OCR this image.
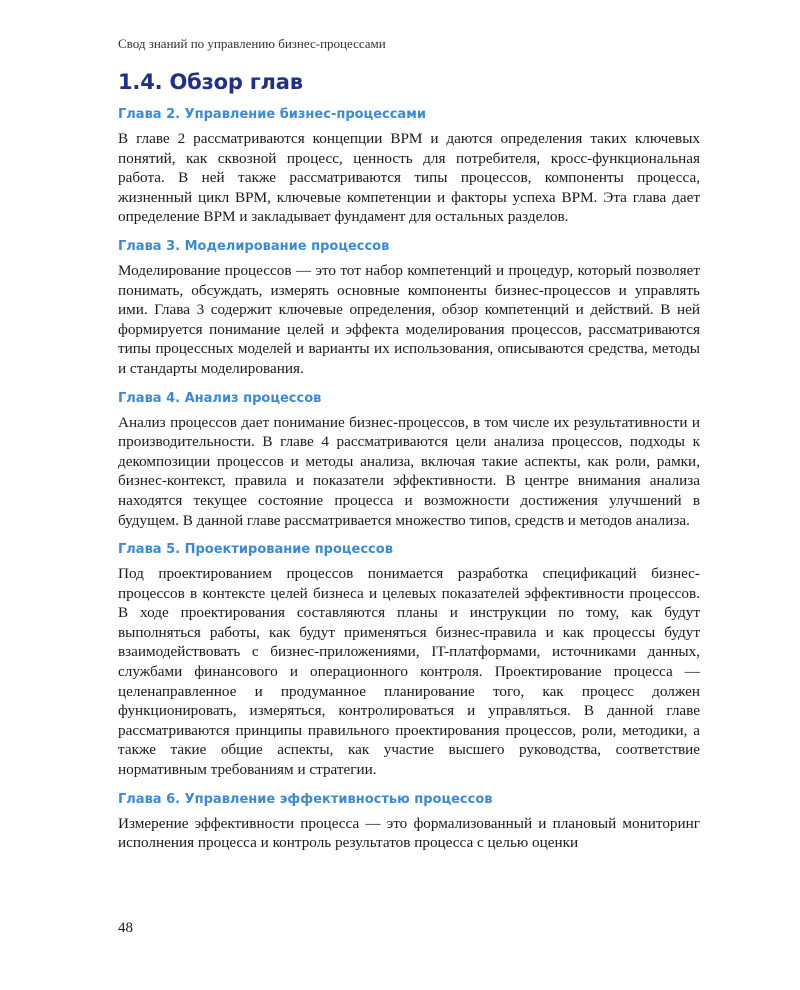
Свод знаний по управлению бизнес-процессами
1.4. Обзор глав
Глава 2. Управление бизнес-процессами

В главе 2 рассматриваются концепции BPM и даются определения таких ключевых понятий, как сквозной процесс, ценность для потребителя, кросс-функциональная работа. В ней также рассматриваются типы процессов, компоненты процесса, жизненный цикл BPM, ключевые компетенции и факторы успеха BPM. Эта глава дает определение BPM и закладывает фундамент для остальных разделов.

Глава 3. Моделирование процессов

Моделирование процессов — это тот набор компетенций и процедур, который позволяет понимать, обсуждать, измерять основные компоненты бизнес-процессов и управлять ими. Глава 3 содержит ключевые определения, обзор компетенций и действий. В ней формируется понимание целей и эффекта моделирования процессов, рассматриваются типы процессных моделей и варианты их использования, описываются средства, методы и стандарты моделирования.

Глава 4. Анализ процессов

Анализ процессов дает понимание бизнес-процессов, в том числе их результативности и производительности. В главе 4 рассматриваются цели анализа процессов, подходы к декомпозиции процессов и методы анализа, включая такие аспекты, как роли, рамки, бизнес-контекст, правила и показатели эффективности. В центре внимания анализа находятся текущее состояние процесса и возможности достижения улучшений в будущем. В данной главе рассматривается множество типов, средств и методов анализа.

Глава 5. Проектирование процессов

Под проектированием процессов понимается разработка спецификаций бизнес-процессов в контексте целей бизнеса и целевых показателей эффективности процессов. В ходе проектирования составляются планы и инструкции по тому, как будут выполняться работы, как будут применяться бизнес-правила и как процессы будут взаимодействовать с бизнес-приложениями, IT-платформами, источниками данных, службами финансового и операционного контроля. Проектирование процесса — целенаправленное и продуманное планирование того, как процесс должен функционировать, измеряться, контролироваться и управляться. В данной главе рассматриваются принципы правильного проектирования процессов, роли, методики, а также такие общие аспекты, как участие высшего руководства, соответствие нормативным требованиям и стратегии.

Глава 6. Управление эффективностью процессов

Измерение эффективности процесса — это формализованный и плановый мониторинг исполнения процесса и контроль результатов процесса с целью оценки

48
